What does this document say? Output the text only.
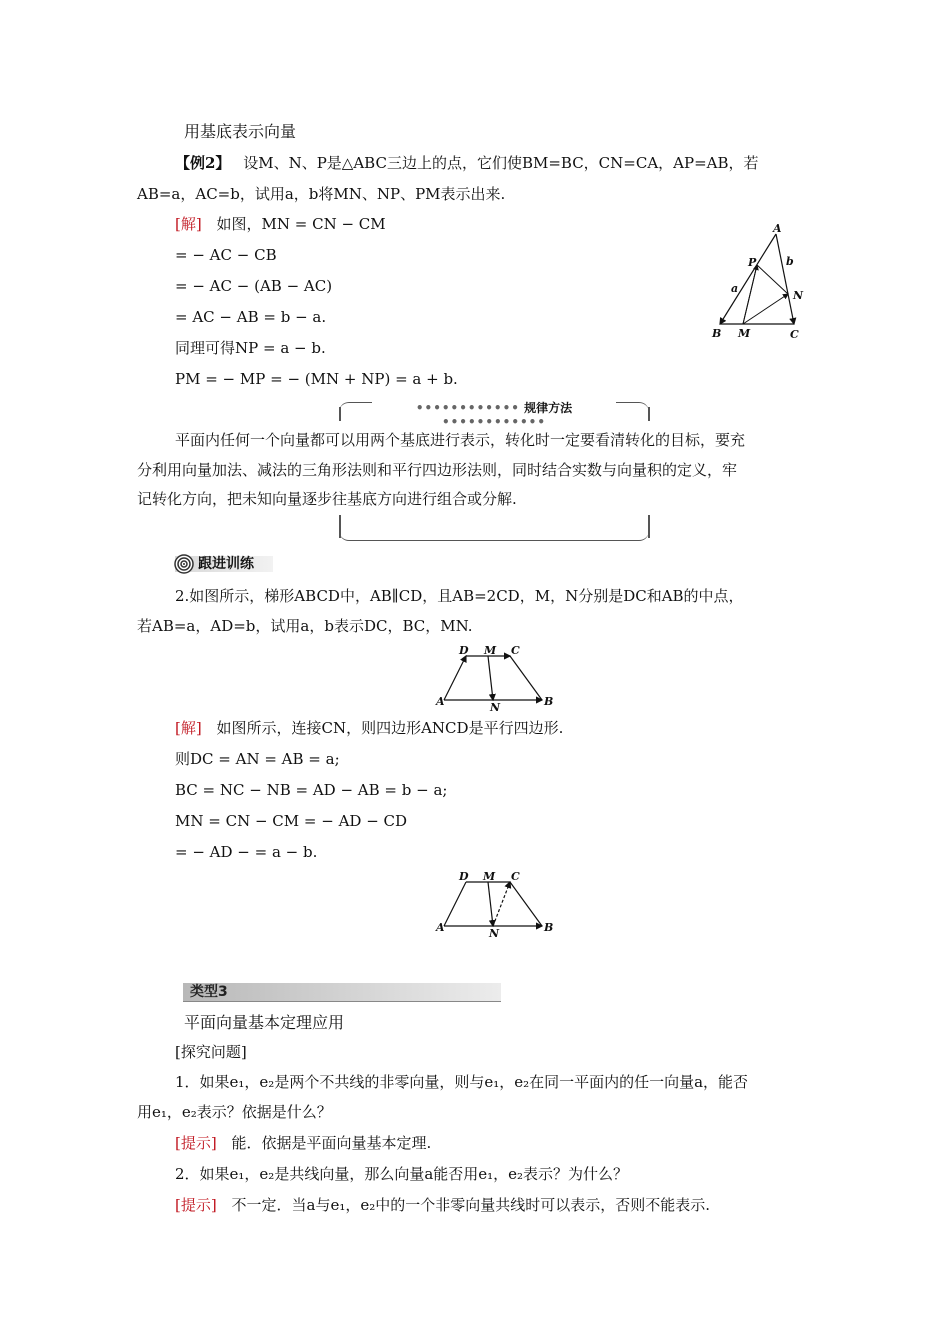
用基底表示向量
【例2】 设M、N、P是△ABC三边上的点，它们使BM=BC，CN=CA，AP=AB，若
AB=a，AC=b，试用a，b将MN、NP、PM表示出来.
[解] 如图，MN = CN − CM
= − AC − CB
= − AC − (AB − AC)
= AC − AB = b − a.
同理可得NP = a − b.
PM = − MP = − (MN + NP) = a + b.
A
P	b
a
N
B M	C
•••••••••••• 规律方法 ••••••••••••
平面内任何一个向量都可以用两个基底进行表示，转化时一定要看清转化的目标，要充
分利用向量加法、减法的三角形法则和平行四边形法则，同时结合实数与向量积的定义，牢
记转化方向，把未知向量逐步往基底方向进行组合或分解.
跟进训练
2.如图所示，梯形ABCD中，AB∥CD，且AB=2CD，M，N分别是DC和AB的中点，
若AB=a，AD=b，试用a，b表示DC，BC，MN.
D M C
A	N	B
[解] 如图所示，连接CN，则四边形ANCD是平行四边形.
则DC = AN = AB = a;
BC = NC − NB = AD − AB = b − a;
MN = CN − CM = − AD − CD
= − AD − = a − b.
D M C
A	N	B
类型3
平面向量基本定理应用
[探究问题]
1．如果e₁，e₂是两个不共线的非零向量，则与e₁，e₂在同一平面内的任一向量a，能否
用e₁，e₂表示？依据是什么？
[提示] 能．依据是平面向量基本定理.
2．如果e₁，e₂是共线向量，那么向量a能否用e₁，e₂表示？为什么？
[提示] 不一定．当a与e₁，e₂中的一个非零向量共线时可以表示，否则不能表示.
